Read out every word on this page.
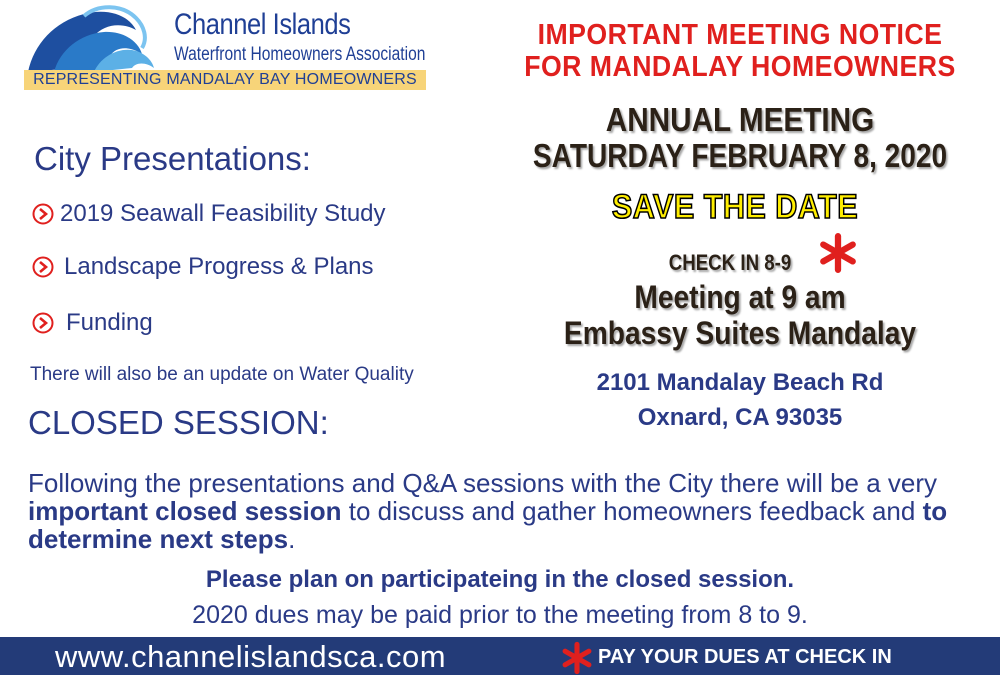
Channel Islands
Waterfront Homeowners Association
REPRESENTING MANDALAY BAY HOMEOWNERS
IMPORTANT MEETING NOTICE
FOR MANDALAY HOMEOWNERS
ANNUAL MEETING
SATURDAY FEBRUARY 8, 2020
SAVE THE DATE
CHECK IN 8-9
Meeting at 9 am
Embassy Suites Mandalay
2101 Mandalay Beach Rd
Oxnard, CA 93035
City Presentations:
2019 Seawall Feasibility Study
Landscape Progress & Plans
Funding
There will also be an update on Water Quality
CLOSED SESSION:
Following the presentations and Q&A sessions with the City there will be a very important closed session to discuss and gather homeowners feedback and to determine next steps.
Please plan on participateing in the closed session.
2020 dues may be paid prior to the meeting from 8 to 9.
www.channelislandsca.com	PAY YOUR DUES AT CHECK IN
